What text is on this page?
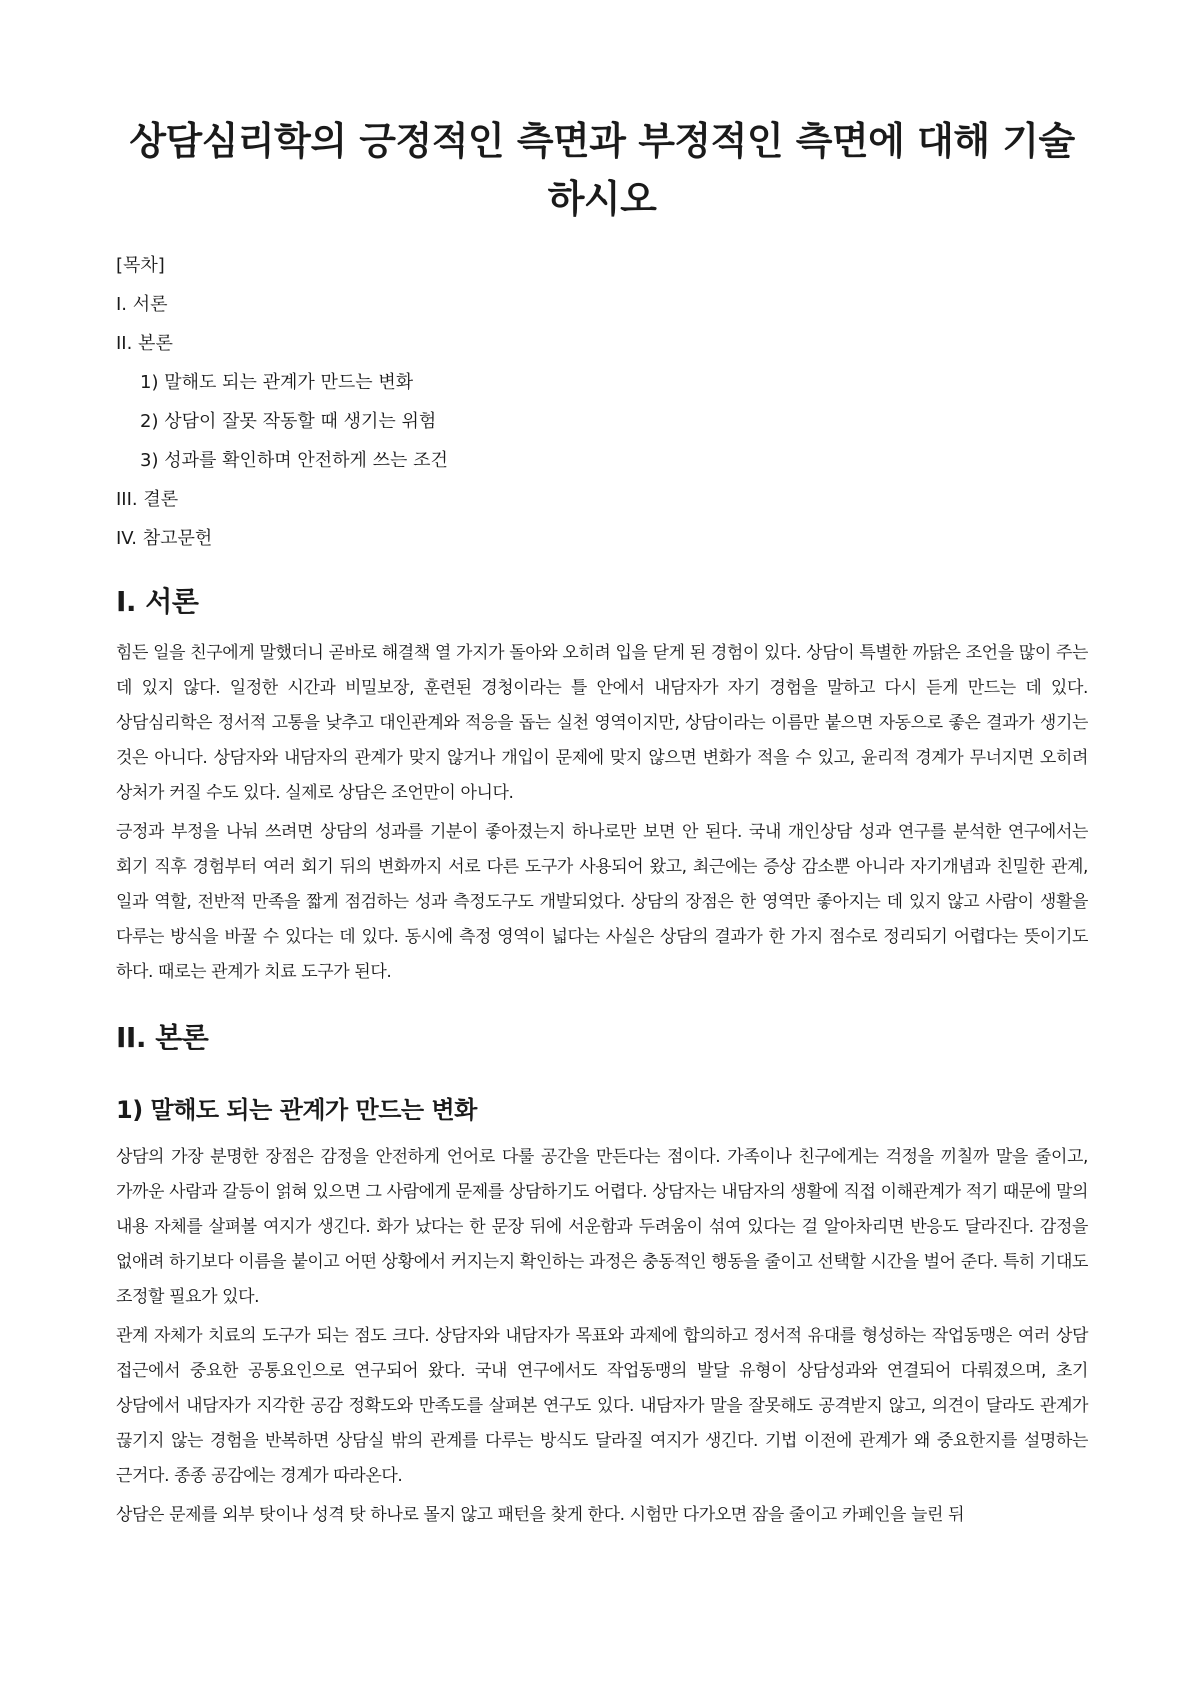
상담심리학의 긍정적인 측면과 부정적인 측면에 대해 기술하시오
[목차]
I. 서론
II. 본론
1) 말해도 되는 관계가 만드는 변화
2) 상담이 잘못 작동할 때 생기는 위험
3) 성과를 확인하며 안전하게 쓰는 조건
III. 결론
IV. 참고문헌
I. 서론

힘든 일을 친구에게 말했더니 곧바로 해결책 열 가지가 돌아와 오히려 입을 닫게 된 경험이 있다. 상담이 특별한 까닭은 조언을 많이 주는 데 있지 않다. 일정한 시간과 비밀보장, 훈련된 경청이라는 틀 안에서 내담자가 자기 경험을 말하고 다시 듣게 만드는 데 있다. 상담심리학은 정서적 고통을 낮추고 대인관계와 적응을 돕는 실천 영역이지만, 상담이라는 이름만 붙으면 자동으로 좋은 결과가 생기는 것은 아니다. 상담자와 내담자의 관계가 맞지 않거나 개입이 문제에 맞지 않으면 변화가 적을 수 있고, 윤리적 경계가 무너지면 오히려 상처가 커질 수도 있다. 실제로 상담은 조언만이 아니다.

긍정과 부정을 나눠 쓰려면 상담의 성과를 기분이 좋아졌는지 하나로만 보면 안 된다. 국내 개인상담 성과 연구를 분석한 연구에서는 회기 직후 경험부터 여러 회기 뒤의 변화까지 서로 다른 도구가 사용되어 왔고, 최근에는 증상 감소뿐 아니라 자기개념과 친밀한 관계, 일과 역할, 전반적 만족을 짧게 점검하는 성과 측정도구도 개발되었다. 상담의 장점은 한 영역만 좋아지는 데 있지 않고 사람이 생활을 다루는 방식을 바꿀 수 있다는 데 있다. 동시에 측정 영역이 넓다는 사실은 상담의 결과가 한 가지 점수로 정리되기 어렵다는 뜻이기도 하다. 때로는 관계가 치료 도구가 된다.

II. 본론
1) 말해도 되는 관계가 만드는 변화

상담의 가장 분명한 장점은 감정을 안전하게 언어로 다룰 공간을 만든다는 점이다. 가족이나 친구에게는 걱정을 끼칠까 말을 줄이고, 가까운 사람과 갈등이 얽혀 있으면 그 사람에게 문제를 상담하기도 어렵다. 상담자는 내담자의 생활에 직접 이해관계가 적기 때문에 말의 내용 자체를 살펴볼 여지가 생긴다. 화가 났다는 한 문장 뒤에 서운함과 두려움이 섞여 있다는 걸 알아차리면 반응도 달라진다. 감정을 없애려 하기보다 이름을 붙이고 어떤 상황에서 커지는지 확인하는 과정은 충동적인 행동을 줄이고 선택할 시간을 벌어 준다. 특히 기대도 조정할 필요가 있다.

관계 자체가 치료의 도구가 되는 점도 크다. 상담자와 내담자가 목표와 과제에 합의하고 정서적 유대를 형성하는 작업동맹은 여러 상담 접근에서 중요한 공통요인으로 연구되어 왔다. 국내 연구에서도 작업동맹의 발달 유형이 상담성과와 연결되어 다뤄졌으며, 초기 상담에서 내담자가 지각한 공감 정확도와 만족도를 살펴본 연구도 있다. 내담자가 말을 잘못해도 공격받지 않고, 의견이 달라도 관계가 끊기지 않는 경험을 반복하면 상담실 밖의 관계를 다루는 방식도 달라질 여지가 생긴다. 기법 이전에 관계가 왜 중요한지를 설명하는 근거다. 종종 공감에는 경계가 따라온다.

상담은 문제를 외부 탓이나 성격 탓 하나로 몰지 않고 패턴을 찾게 한다. 시험만 다가오면 잠을 줄이고 카페인을 늘린 뒤
